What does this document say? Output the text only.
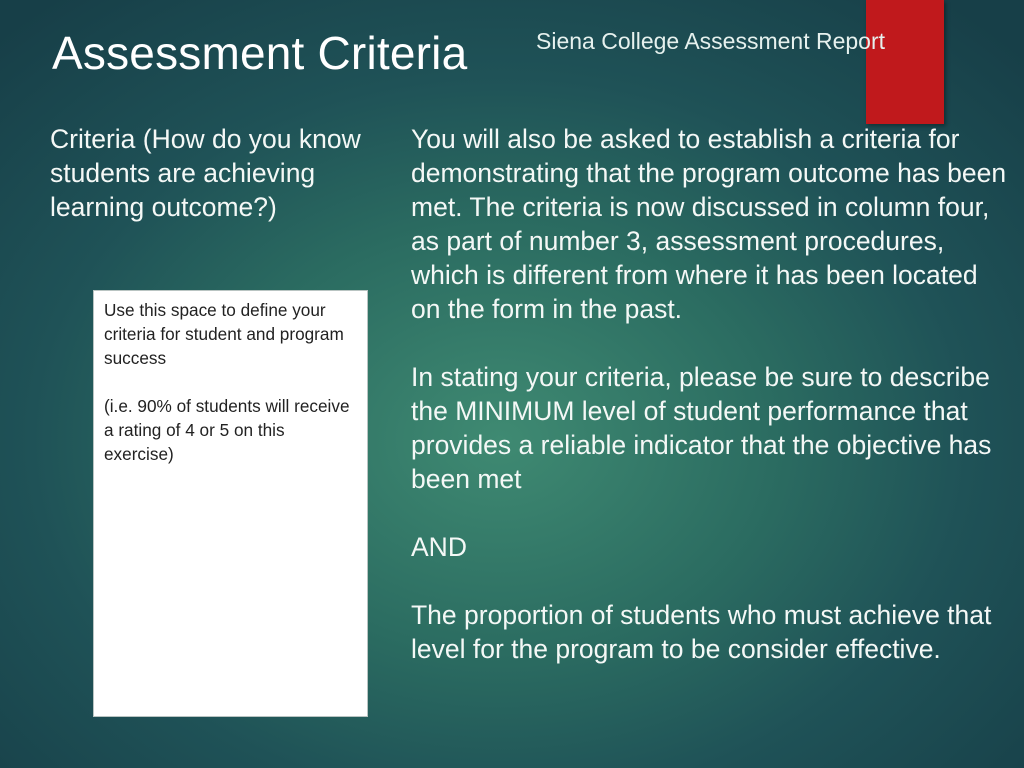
Assessment Criteria	Siena College Assessment Report
Criteria (How do you know students are achieving learning outcome?)

Use this space to define your criteria for student and program success

(i.e. 90% of students will receive a rating of 4 or 5 on this exercise)

You will also be asked to establish a criteria for demonstrating that the program outcome has been met. The criteria is now discussed in column four, as part of number 3, assessment procedures, which is different from where it has been located on the form in the past.

In stating your criteria, please be sure to describe the MINIMUM level of student performance that provides a reliable indicator that the objective has been met

AND

The proportion of students who must achieve that level for the program to be consider effective.
